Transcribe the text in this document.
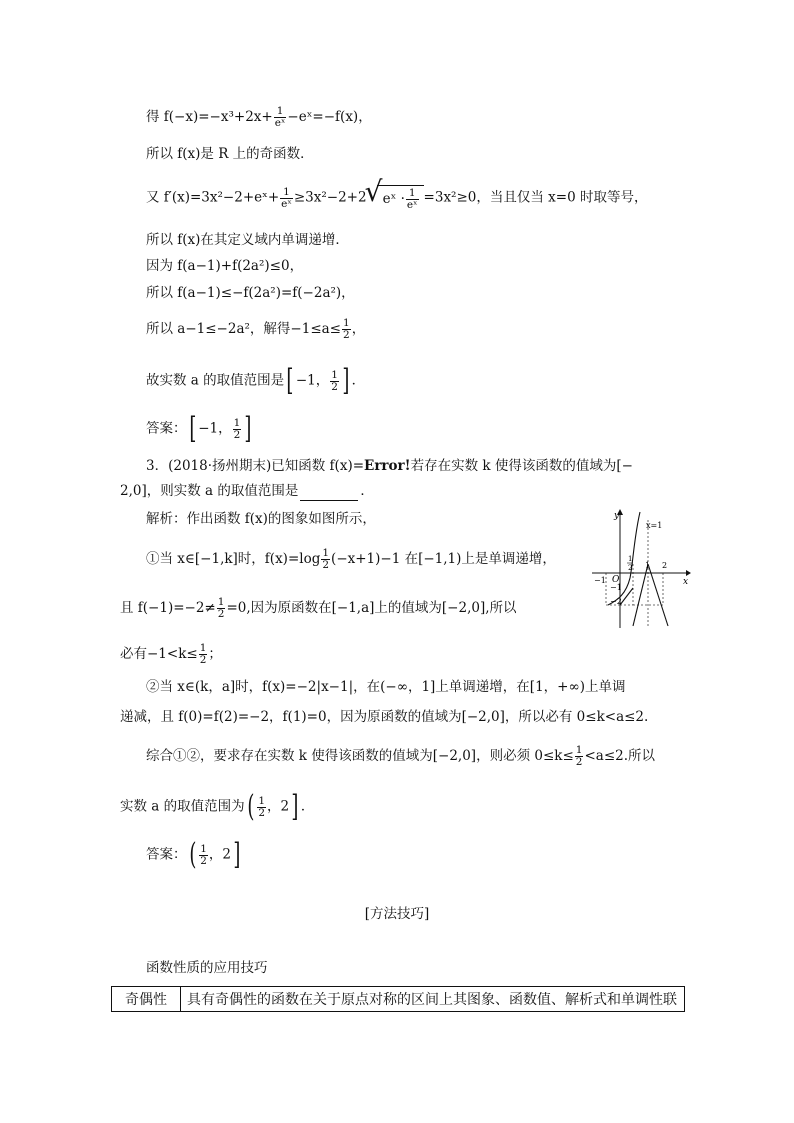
得 $f(-x)=-x^3+2x+ \frac{1}{\text{eˣ}}$ −eˣ=−f(x)，
所以 f(x)是 R 上的奇函数．
又 f′(x)=3x²−2+eˣ+ $\frac{1}{\text{eˣ}} \ge 3x^2-2+2√$ eˣ · $\frac{1}{\text{eˣ}} =3x^2\ge 0$，当且仅当 x=0 时取等号，
所以 f(x)在其定义域内单调递增．
因为 f(a−1)+f(2a²)≤0，
所以 f(a−1)≤−f(2a²)=f(−2a²)，
所以 a−1≤−2a²，解得$-1\le a\le \frac{1}{2}$ ，
故实数 a 的取值范围是[ −1， $\frac{1}{2}$ ] ．
答案：[ −1， $\frac{1}{2}$ ]
3．(2018·扬州期末)已知函数 f(x)=Error!若存在实数 k 使得该函数的值域为[−
2,0]，则实数 a 的取值范围是	．
解析：作出函数 f(x)的图象如图所示，
①当 x∈[−1,k]时，$f(x)=\log \frac{1}{2} (-x+1)-1$ 在[−1,1)上是单调递增，
且 $f(-1)=-2\ne \frac{1}{2} =0$,因为原函数在[−1,a]上的值域为[−2,0],所以
必有$-1<k\le \frac{1}{2}$ ；
②当 x∈(k，a]时，f(x)=−2|x−1|，在(−∞，1]上单调递增，在[1，+∞)上单调
递减，且 f(0)=f(2)=−2，f(1)=0，因为原函数的值域为[−2,0]，所以必有 0≤k<a≤2.
综合①②，要求存在实数 k 使得该函数的值域为[−2,0]，则必须 $0\le k\le \frac{1}{2} <a\le 2$.所以
实数 a 的取值范围为( $\frac{1}{2}$ ，2] ．
答案：( $\frac{1}{2}$ ，2]
[方法技巧]
函数性质的应用技巧
奇偶性	具有奇偶性的函数在关于原点对称的区间上其图象、函数值、解析式和单调性联
y
x
O
x=1
−1
1 2
1
2
−1
−2
